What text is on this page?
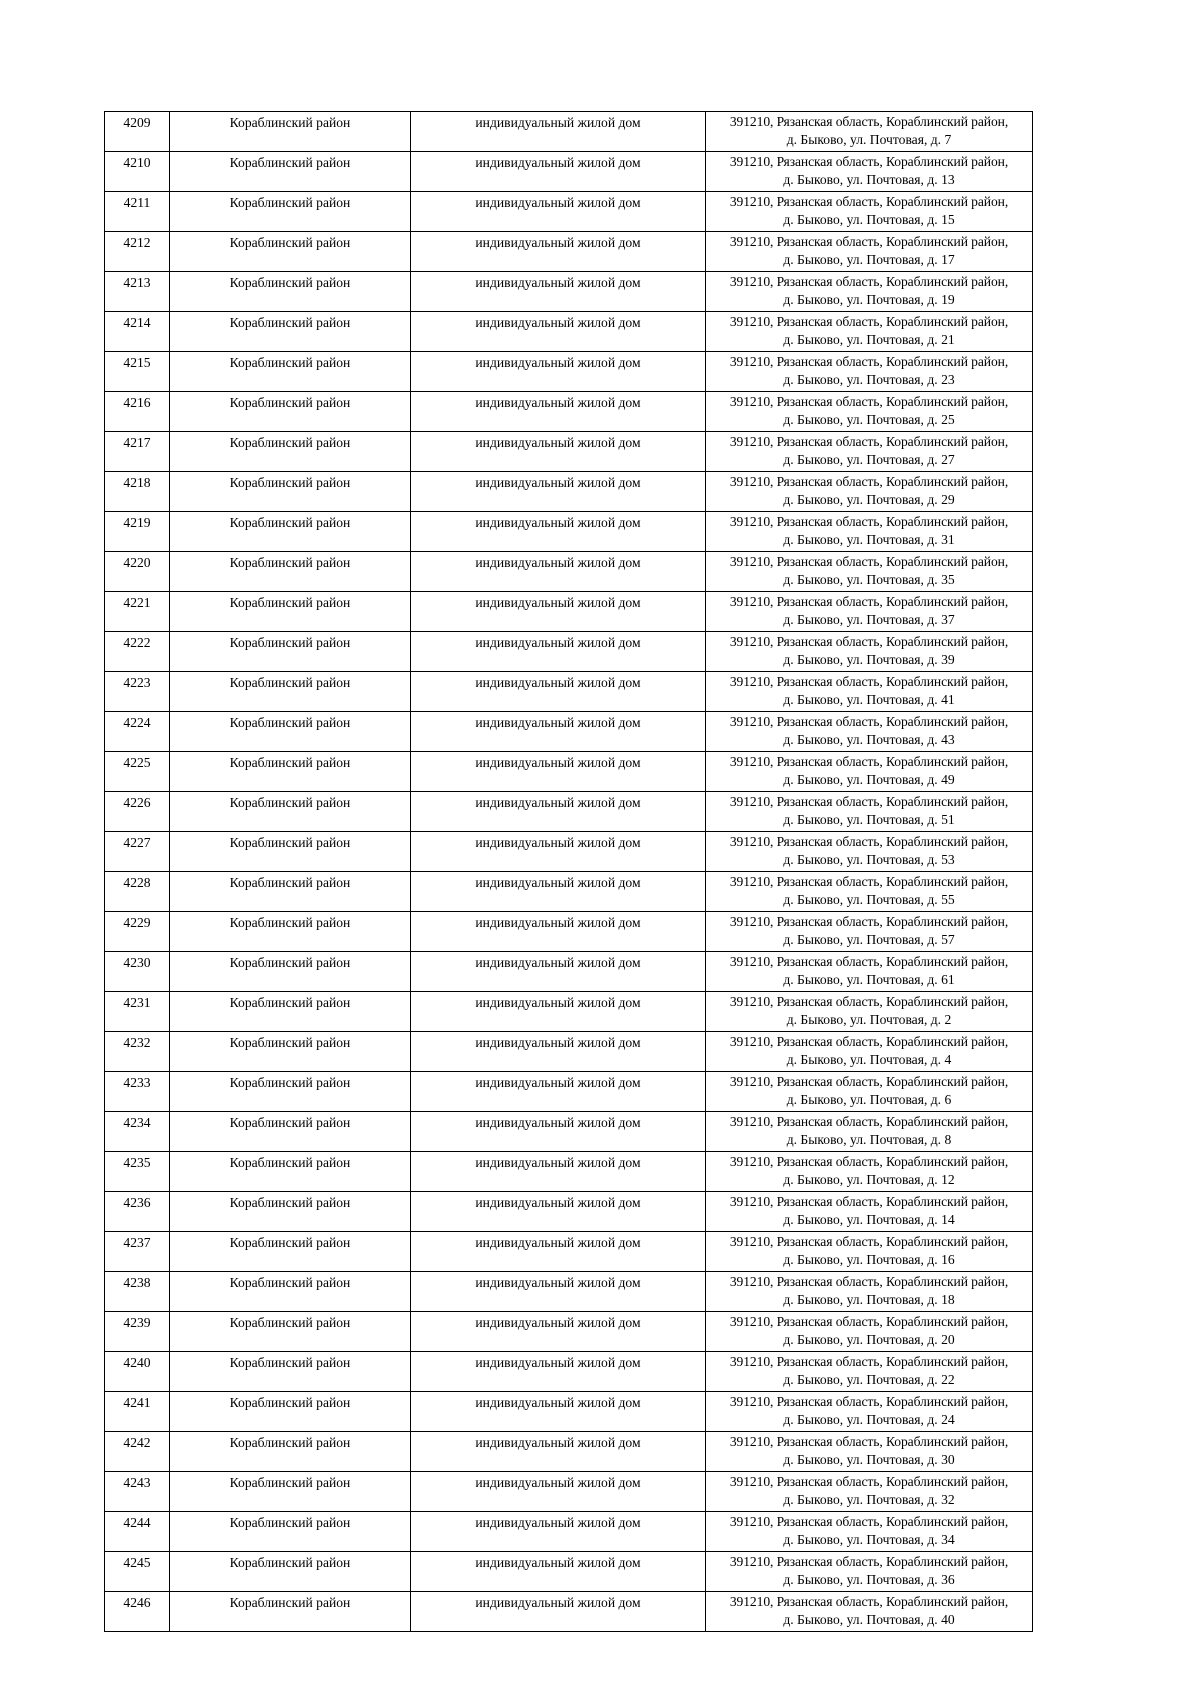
4209	Кораблинский район	индивидуальный жилой дом	391210, Рязанская область, Кораблинский район,
д. Быково, ул. Почтовая, д. 7

4210	Кораблинский район	индивидуальный жилой дом	391210, Рязанская область, Кораблинский район,
д. Быково, ул. Почтовая, д. 13

4211	Кораблинский район	индивидуальный жилой дом	391210, Рязанская область, Кораблинский район,
д. Быково, ул. Почтовая, д. 15

4212	Кораблинский район	индивидуальный жилой дом	391210, Рязанская область, Кораблинский район,
д. Быково, ул. Почтовая, д. 17

4213	Кораблинский район	индивидуальный жилой дом	391210, Рязанская область, Кораблинский район,
д. Быково, ул. Почтовая, д. 19

4214	Кораблинский район	индивидуальный жилой дом	391210, Рязанская область, Кораблинский район,
д. Быково, ул. Почтовая, д. 21

4215	Кораблинский район	индивидуальный жилой дом	391210, Рязанская область, Кораблинский район,
д. Быково, ул. Почтовая, д. 23

4216	Кораблинский район	индивидуальный жилой дом	391210, Рязанская область, Кораблинский район,
д. Быково, ул. Почтовая, д. 25

4217	Кораблинский район	индивидуальный жилой дом	391210, Рязанская область, Кораблинский район,
д. Быково, ул. Почтовая, д. 27

4218	Кораблинский район	индивидуальный жилой дом	391210, Рязанская область, Кораблинский район,
д. Быково, ул. Почтовая, д. 29

4219	Кораблинский район	индивидуальный жилой дом	391210, Рязанская область, Кораблинский район,
д. Быково, ул. Почтовая, д. 31

4220	Кораблинский район	индивидуальный жилой дом	391210, Рязанская область, Кораблинский район,
д. Быково, ул. Почтовая, д. 35

4221	Кораблинский район	индивидуальный жилой дом	391210, Рязанская область, Кораблинский район,
д. Быково, ул. Почтовая, д. 37

4222	Кораблинский район	индивидуальный жилой дом	391210, Рязанская область, Кораблинский район,
д. Быково, ул. Почтовая, д. 39

4223	Кораблинский район	индивидуальный жилой дом	391210, Рязанская область, Кораблинский район,
д. Быково, ул. Почтовая, д. 41

4224	Кораблинский район	индивидуальный жилой дом	391210, Рязанская область, Кораблинский район,
д. Быково, ул. Почтовая, д. 43

4225	Кораблинский район	индивидуальный жилой дом	391210, Рязанская область, Кораблинский район,
д. Быково, ул. Почтовая, д. 49

4226	Кораблинский район	индивидуальный жилой дом	391210, Рязанская область, Кораблинский район,
д. Быково, ул. Почтовая, д. 51

4227	Кораблинский район	индивидуальный жилой дом	391210, Рязанская область, Кораблинский район,
д. Быково, ул. Почтовая, д. 53

4228	Кораблинский район	индивидуальный жилой дом	391210, Рязанская область, Кораблинский район,
д. Быково, ул. Почтовая, д. 55

4229	Кораблинский район	индивидуальный жилой дом	391210, Рязанская область, Кораблинский район,
д. Быково, ул. Почтовая, д. 57

4230	Кораблинский район	индивидуальный жилой дом	391210, Рязанская область, Кораблинский район,
д. Быково, ул. Почтовая, д. 61

4231	Кораблинский район	индивидуальный жилой дом	391210, Рязанская область, Кораблинский район,
д. Быково, ул. Почтовая, д. 2

4232	Кораблинский район	индивидуальный жилой дом	391210, Рязанская область, Кораблинский район,
д. Быково, ул. Почтовая, д. 4

4233	Кораблинский район	индивидуальный жилой дом	391210, Рязанская область, Кораблинский район,
д. Быково, ул. Почтовая, д. 6

4234	Кораблинский район	индивидуальный жилой дом	391210, Рязанская область, Кораблинский район,
д. Быково, ул. Почтовая, д. 8

4235	Кораблинский район	индивидуальный жилой дом	391210, Рязанская область, Кораблинский район,
д. Быково, ул. Почтовая, д. 12

4236	Кораблинский район	индивидуальный жилой дом	391210, Рязанская область, Кораблинский район,
д. Быково, ул. Почтовая, д. 14

4237	Кораблинский район	индивидуальный жилой дом	391210, Рязанская область, Кораблинский район,
д. Быково, ул. Почтовая, д. 16

4238	Кораблинский район	индивидуальный жилой дом	391210, Рязанская область, Кораблинский район,
д. Быково, ул. Почтовая, д. 18

4239	Кораблинский район	индивидуальный жилой дом	391210, Рязанская область, Кораблинский район,
д. Быково, ул. Почтовая, д. 20

4240	Кораблинский район	индивидуальный жилой дом	391210, Рязанская область, Кораблинский район,
д. Быково, ул. Почтовая, д. 22

4241	Кораблинский район	индивидуальный жилой дом	391210, Рязанская область, Кораблинский район,
д. Быково, ул. Почтовая, д. 24

4242	Кораблинский район	индивидуальный жилой дом	391210, Рязанская область, Кораблинский район,
д. Быково, ул. Почтовая, д. 30

4243	Кораблинский район	индивидуальный жилой дом	391210, Рязанская область, Кораблинский район,
д. Быково, ул. Почтовая, д. 32

4244	Кораблинский район	индивидуальный жилой дом	391210, Рязанская область, Кораблинский район,
д. Быково, ул. Почтовая, д. 34

4245	Кораблинский район	индивидуальный жилой дом	391210, Рязанская область, Кораблинский район,
д. Быково, ул. Почтовая, д. 36

4246	Кораблинский район	индивидуальный жилой дом	391210, Рязанская область, Кораблинский район,
д. Быково, ул. Почтовая, д. 40
